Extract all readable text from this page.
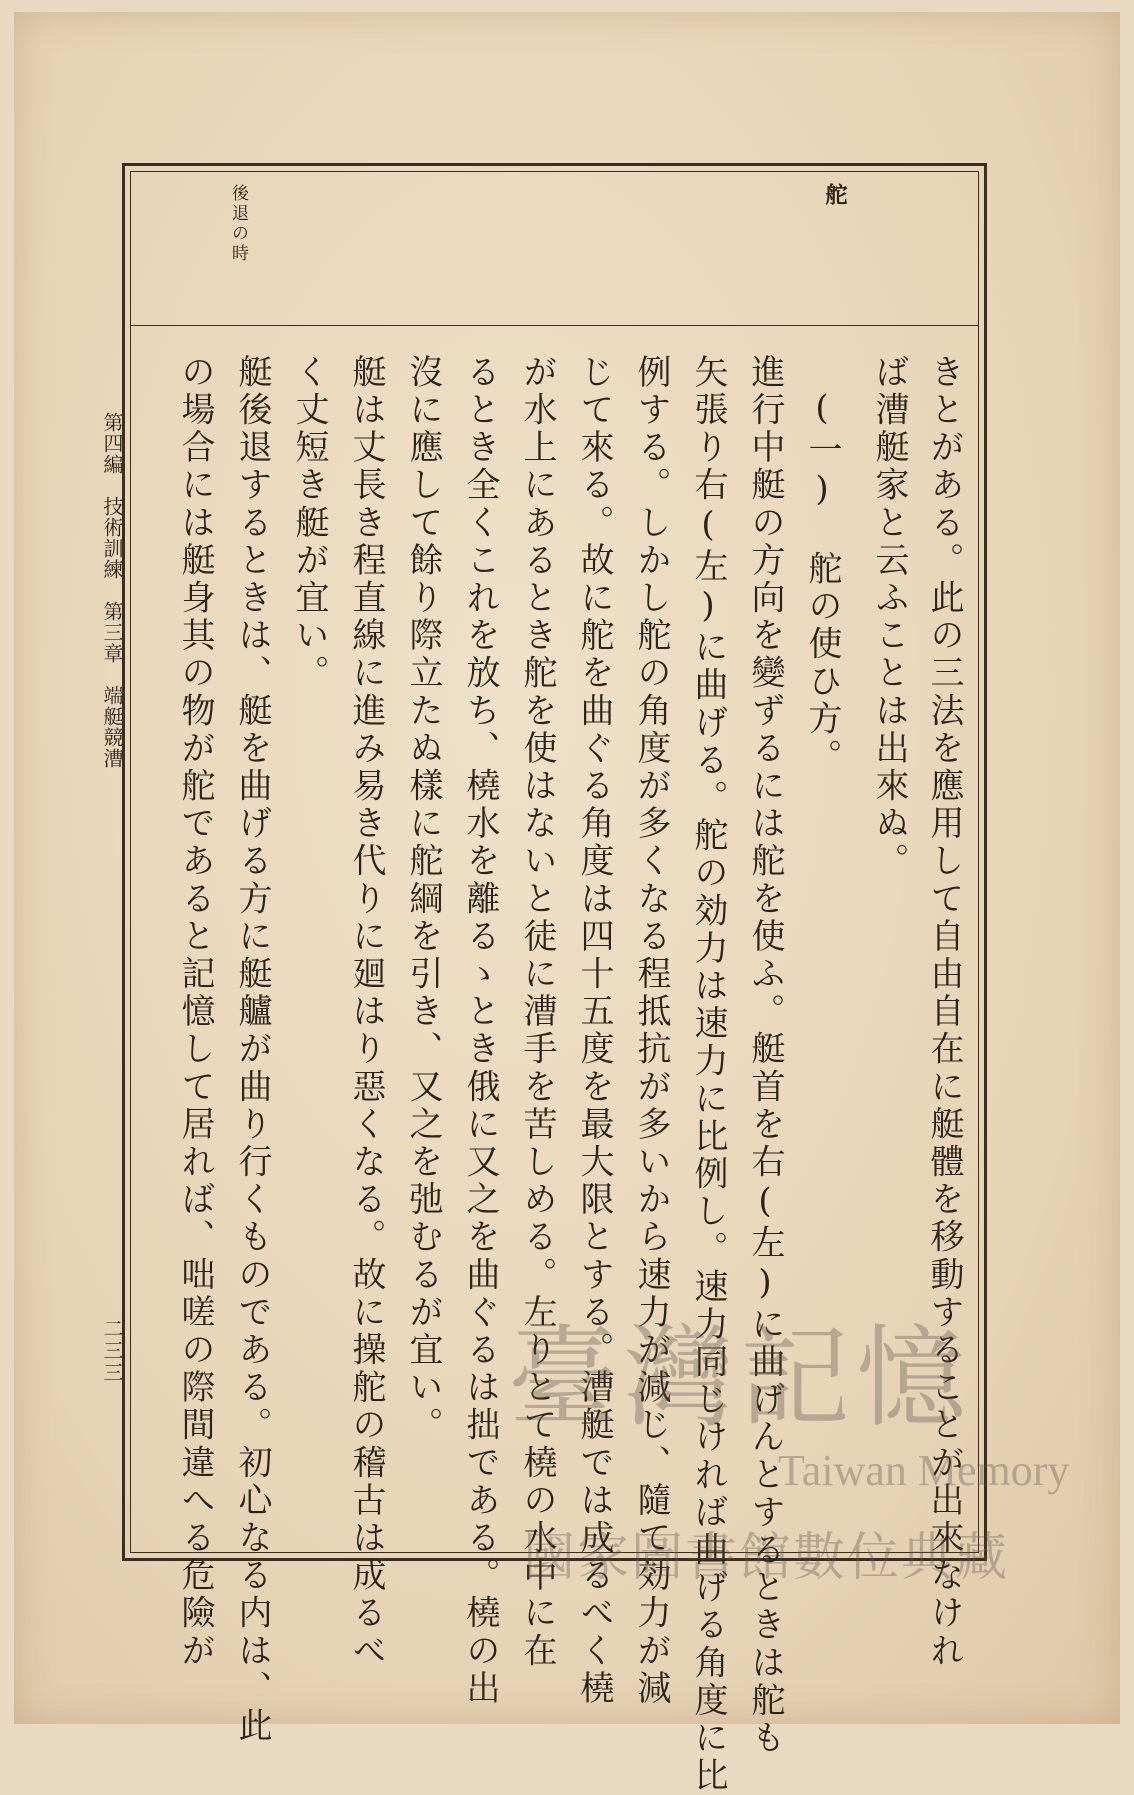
舵
後退の時
きとがある。此の三法を應用して自由自在に艇體を移動することが出來なけれ
ば漕艇家と云ふことは出來ぬ。
(一)　舵の使ひ方。
進行中艇の方向を變ずるには舵を使ふ。艇首を右(左)に曲げんとするときは舵も
矢張り右(左)に曲げる。舵の効力は速力に比例し。速力同じければ曲げる角度に比
例する。しかし舵の角度が多くなる程抵抗が多いから速力が減じ、隨て効力が減
じて來る。故に舵を曲ぐる角度は四十五度を最大限とする。漕艇では成るべく橈
が水上にあるとき舵を使はないと徒に漕手を苦しめる。左りとて橈の水中に在
るとき全くこれを放ち、橈水を離るゝとき俄に又之を曲ぐるは拙である。橈の出
沒に應して餘り際立たぬ樣に舵綱を引き、又之を弛むるが宜い。
艇は丈長き程直線に進み易き代りに廻はり惡くなる。故に操舵の稽古は成るべ
く丈短き艇が宜い。
艇後退するときは、艇を曲げる方に艇艫が曲り行くものである。初心なる内は、此
の場合には艇身其の物が舵であると記憶して居れば、咄嗟の際間違へる危險が
第四編　技術訓練　第三章　端艇競漕
二三三	臺灣記憶
Taiwan Memory
國家圖書館數位典藏
